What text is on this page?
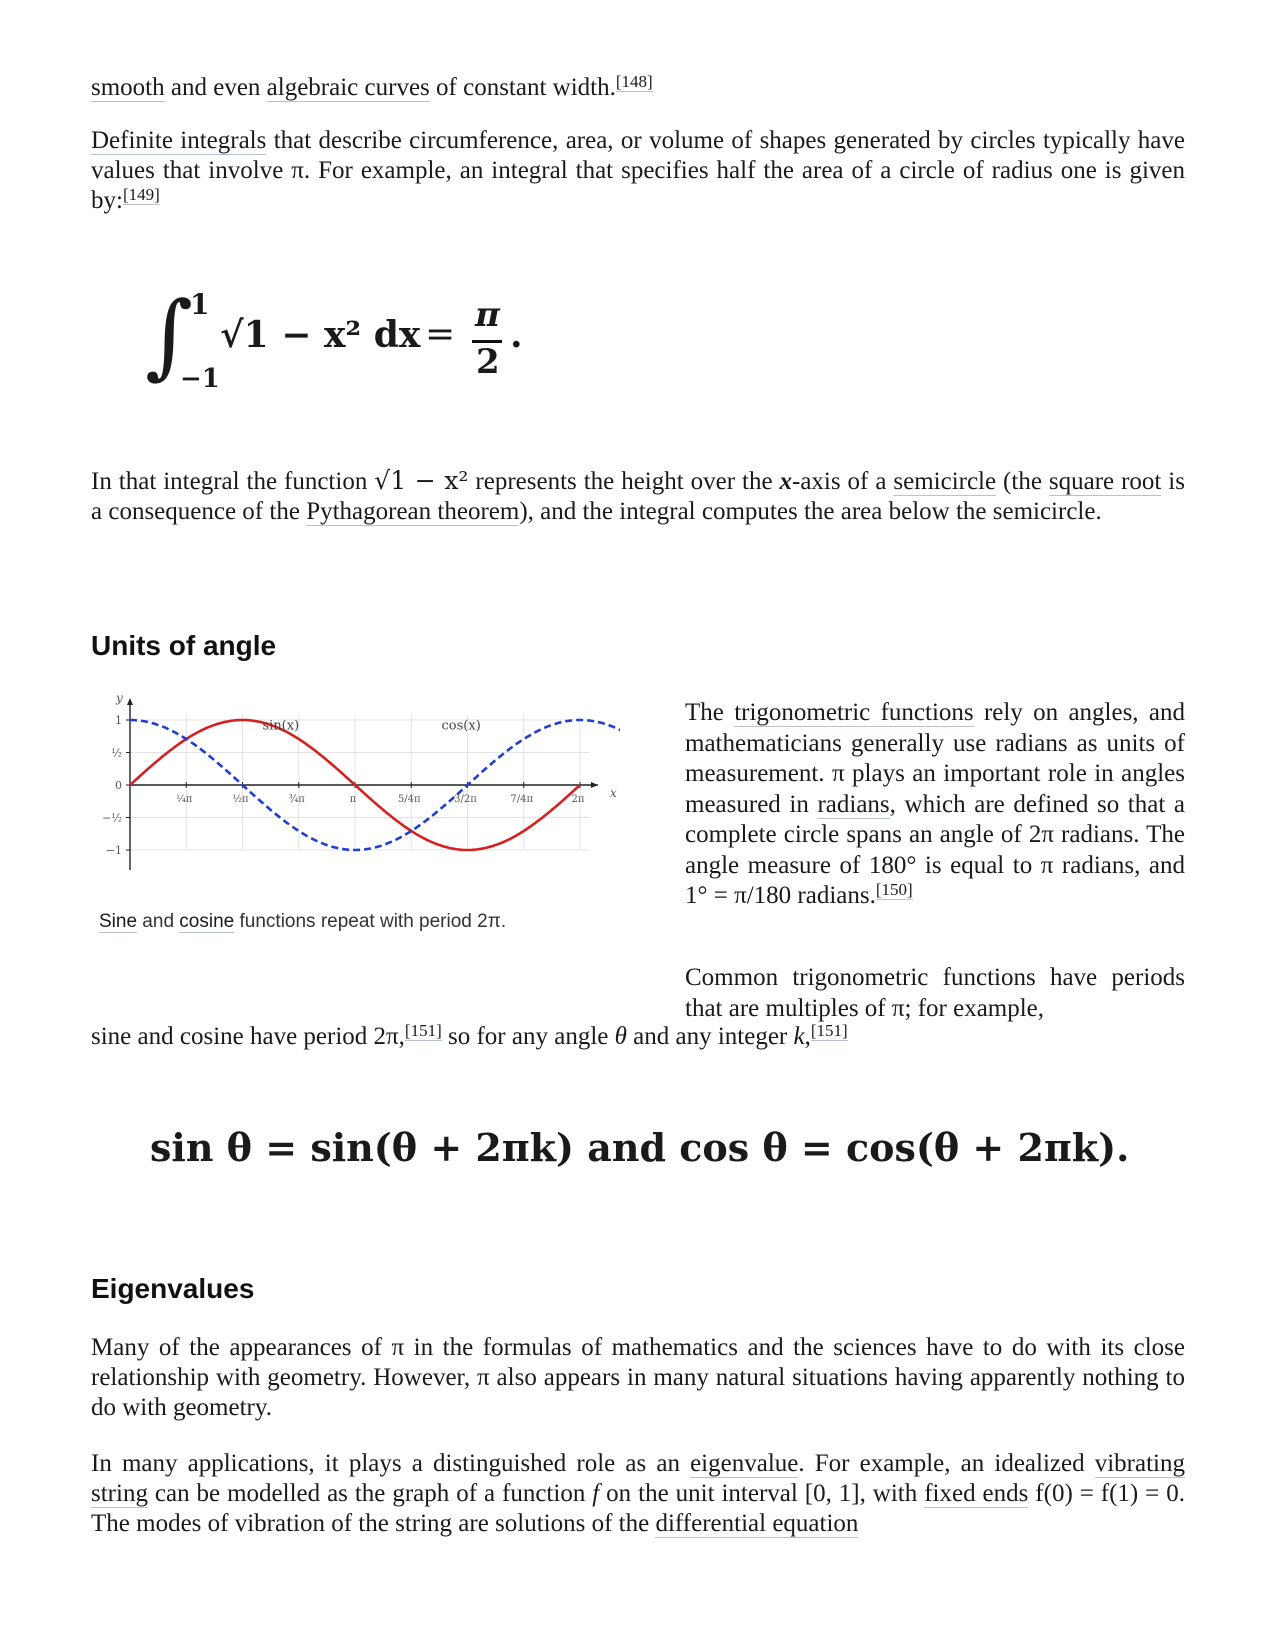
smooth and even algebraic curves of constant width.[148]
Definite integrals that describe circumference, area, or volume of shapes generated by circles typically have values that involve π. For example, an integral that specifies half the area of a circle of radius one is given by:[149]
∫
1
−1
√1 − x² dx = π
2
.
In that integral the function √1 − x² represents the height over the x-axis of a semicircle (the square root is a consequence of the Pythagorean theorem), and the integral computes the area below the semicircle.
Units of angle
1
½
0
−½
−1
¼π	½π	¾π	π	5/4π	3/2π	7/4π	2π x
y
sin(x)	cos(x)
Sine and cosine functions repeat with period 2π.
The trigonometric functions rely on angles, and mathematicians generally use radians as units of measurement. π plays an important role in angles measured in radians, which are defined so that a complete circle spans an angle of 2π radians. The angle measure of 180° is equal to π radians, and 1° = π/180 radians.[150]
Common trigonometric functions have periods that are multiples of π; for example,
sine and cosine have period 2π,[151] so for any angle θ and any integer k,[151]
sin θ = sin(θ + 2πk) and cos θ = cos(θ + 2πk).
Eigenvalues
Many of the appearances of π in the formulas of mathematics and the sciences have to do with its close relationship with geometry. However, π also appears in many natural situations having apparently nothing to do with geometry.
In many applications, it plays a distinguished role as an eigenvalue. For example, an idealized vibrating string can be modelled as the graph of a function f on the unit interval [0, 1], with fixed ends f(0) = f(1) = 0. The modes of vibration of the string are solutions of the differential equation
